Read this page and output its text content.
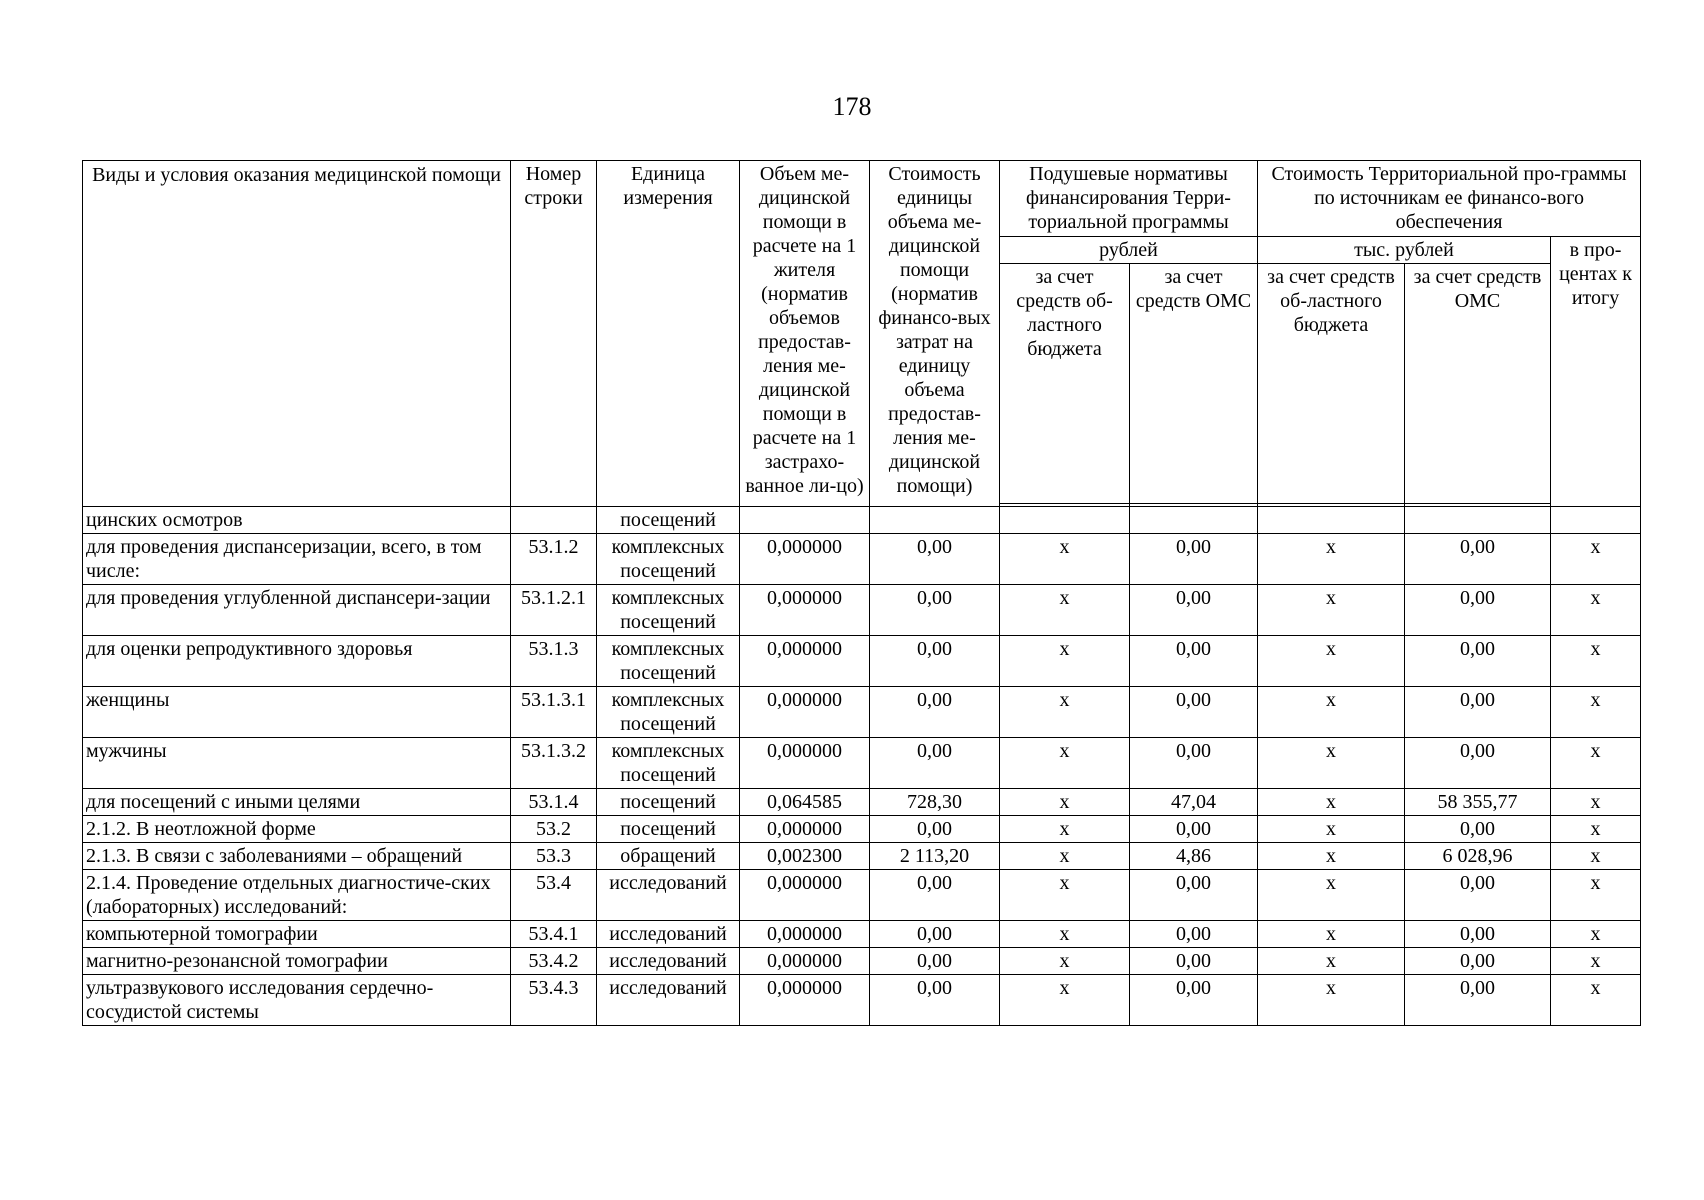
178
Виды и условия оказания медицинской помощи	Номер строки	Единица измерения	Объем ме-дицинской помощи в расчете на 1 жителя (норматив объемов предостав-ления ме-дицинской помощи в расчете на 1 застрахо-ванное ли-цо)	Стоимость единицы объема ме-дицинской помощи (норматив финансо-вых затрат на единицу объема предостав-ления ме-дицинской помощи)	Подушевые нормативы финансирования Терри-ториальной программы		Стоимость Территориальной про-граммы по источникам ее финансо-вого обеспечения		
					рублей		тыс. рублей		в про-центах к итогу
					за счет средств об-ластного бюджета	за счет средств ОМС	за счет средств об-ластного бюджета	за счет средств ОМС	

цинских осмотров		посещений							
для проведения диспансеризации, всего, в том числе:	53.1.2	комплексных посещений	0,000000	0,00	x	0,00	x	0,00	x
для проведения углубленной диспансери-зации	53.1.2.1	комплексных посещений	0,000000	0,00	x	0,00	x	0,00	x
для оценки репродуктивного здоровья	53.1.3	комплексных посещений	0,000000	0,00	x	0,00	x	0,00	x
женщины	53.1.3.1	комплексных посещений	0,000000	0,00	x	0,00	x	0,00	x
мужчины	53.1.3.2	комплексных посещений	0,000000	0,00	x	0,00	x	0,00	x
для посещений с иными целями	53.1.4	посещений	0,064585	728,30	x	47,04	x	58 355,77	x
2.1.2. В неотложной форме	53.2	посещений	0,000000	0,00	x	0,00	x	0,00	x
2.1.3. В связи с заболеваниями – обращений	53.3	обращений	0,002300	2 113,20	x	4,86	x	6 028,96	x
2.1.4. Проведение отдельных диагностиче-ских (лабораторных) исследований:	53.4	исследований	0,000000	0,00	x	0,00	x	0,00	x
компьютерной томографии	53.4.1	исследований	0,000000	0,00	x	0,00	x	0,00	x
магнитно-резонансной томографии	53.4.2	исследований	0,000000	0,00	x	0,00	x	0,00	x
ультразвукового исследования сердечно-сосудистой системы	53.4.3	исследований	0,000000	0,00	x	0,00	x	0,00	x
